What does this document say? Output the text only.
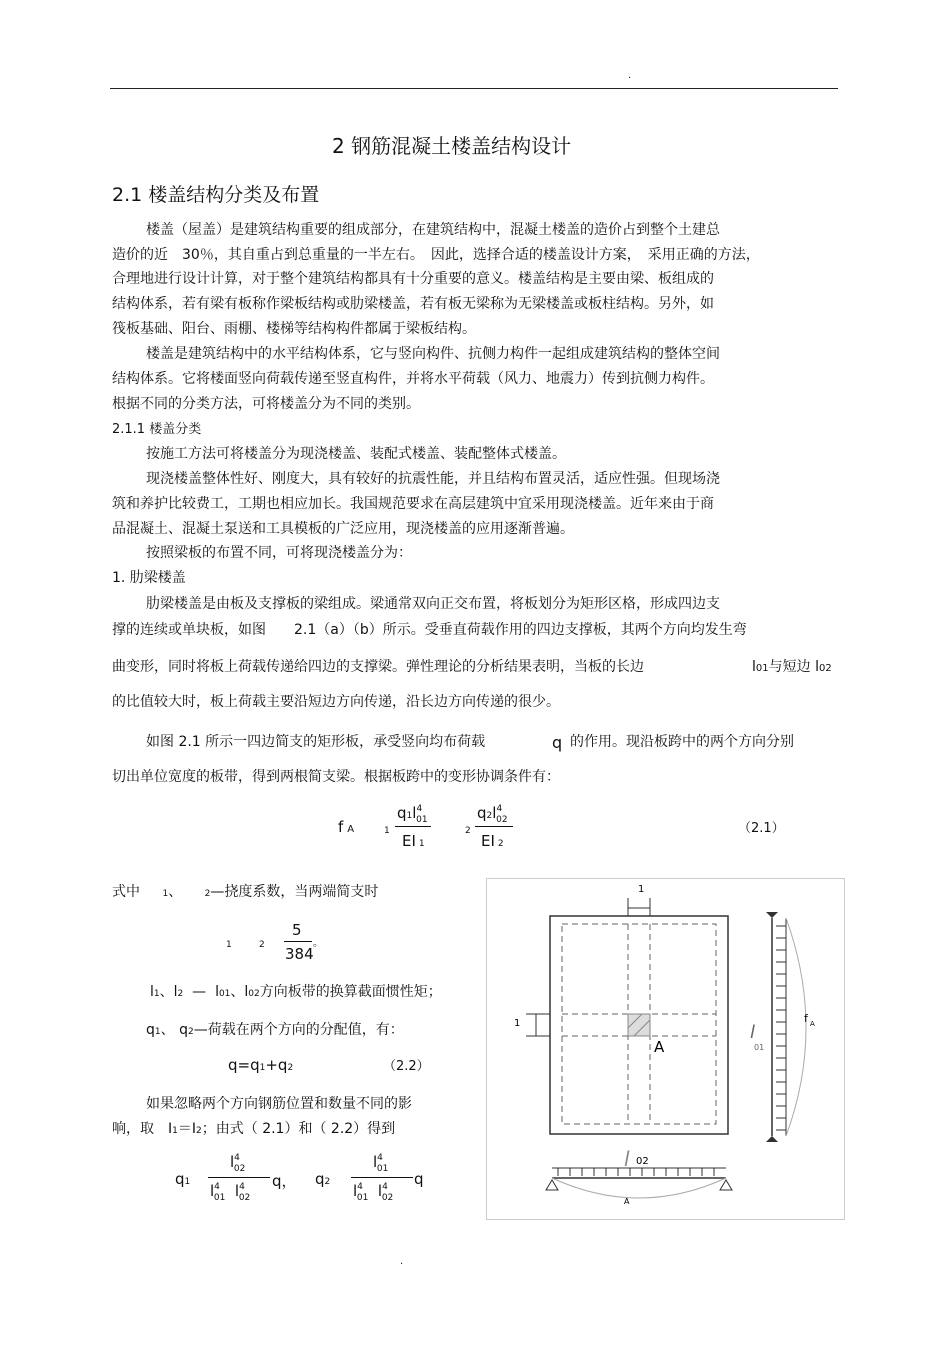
.
2 钢筋混凝土楼盖结构设计
2.1 楼盖结构分类及布置
楼盖（屋盖）是建筑结构重要的组成部分，在建筑结构中，混凝土楼盖的造价占到整个土建总
造价的近　30％，其自重占到总重量的一半左右。　因此，选择合适的楼盖设计方案，　采用正确的方法，
合理地进行设计计算，对于整个建筑结构都具有十分重要的意义。楼盖结构是主要由梁、板组成的
结构体系，若有梁有板称作梁板结构或肋梁楼盖，若有板无梁称为无梁楼盖或板柱结构。另外，如
筏板基础、阳台、雨棚、楼梯等结构构件都属于梁板结构。
楼盖是建筑结构中的水平结构体系，它与竖向构件、抗侧力构件一起组成建筑结构的整体空间
结构体系。它将楼面竖向荷载传递至竖直构件，并将水平荷载（风力、地震力）传到抗侧力构件。
根据不同的分类方法，可将楼盖分为不同的类别。
2.1.1 楼盖分类
按施工方法可将楼盖分为现浇楼盖、装配式楼盖、装配整体式楼盖。
现浇楼盖整体性好、刚度大，具有较好的抗震性能，并且结构布置灵活，适应性强。但现场浇
筑和养护比较费工，工期也相应加长。我国规范要求在高层建筑中宜采用现浇楼盖。近年来由于商
品混凝土、混凝土泵送和工具模板的广泛应用，现浇楼盖的应用逐渐普遍。
按照梁板的布置不同，可将现浇楼盖分为：
1. 肋梁楼盖
肋梁楼盖是由板及支撑板的梁组成。梁通常双向正交布置，将板划分为矩形区格，形成四边支
撑的连续或单块板，如图　　2.1（a）（b）所示。受垂直荷载作用的四边支撑板，其两个方向均发生弯
曲变形，同时将板上荷载传递给四边的支撑梁。弹性理论的分析结果表明，当板的长边	l01与短边 l02
的比值较大时，板上荷载主要沿短边方向传递，沿长边方向传递的很少。
如图 2.1 所示一四边简支的矩形板，承受竖向均布荷载	q 的作用。现沿板跨中的两个方向分别
切出单位宽度的板带，得到两根简支梁。根据板跨中的变形协调条件有：
f A	1
$q1l^4_{01}$
EI 1
2
$q2l^4_{02}$
EI 2
（2.1）
式中 1、 2—挠度系数，当两端简支时
1	2
5
384
。
l1、l2 — l01、l02方向板带的换算截面惯性矩；
q1、 q2—荷载在两个方向的分配值，有：
q=q1+q2	（2.2）
如果忽略两个方向钢筋位置和数量不同的影
响，取　I1＝I2；由式（ 2.1）和（ 2.2）得到
q1
$l^4_{02}$
$l^4_{01}$ $l^4_{02}$
q， q2
$l^4_{01}$
$l^4_{01}$ $l^4_{02}$
q
1
1
A
l
01
f A
l 02
A
.
